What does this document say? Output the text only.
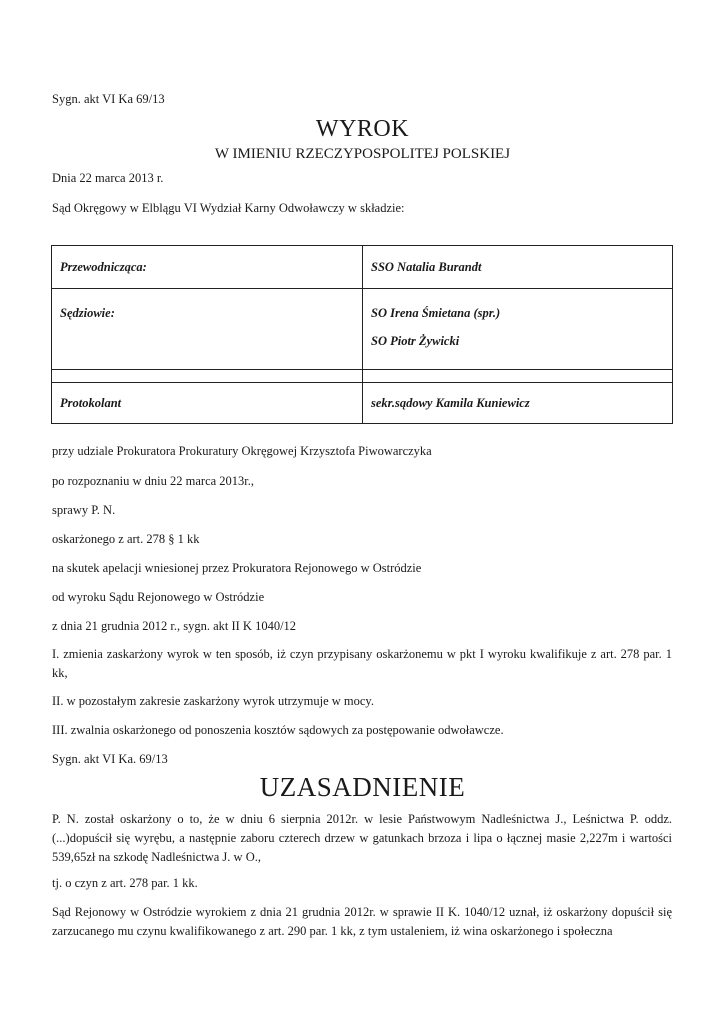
Sygn. akt VI Ka 69/13
WYROK
W IMIENIU RZECZYPOSPOLITEJ POLSKIEJ
Dnia 22 marca 2013 r.
Sąd Okręgowy w Elblągu VI Wydział Karny Odwoławczy w składzie:
Przewodnicząca:	SSO Natalia Burandt
Sędziowie:	SO Irena Śmietana (spr.)
SO Piotr Żywicki

Protokolant	sekr.sądowy Kamila Kuniewicz
przy udziale Prokuratora Prokuratury Okręgowej Krzysztofa Piwowarczyka
po rozpoznaniu w dniu 22 marca 2013r.,
sprawy P. N.
oskarżonego z art. 278 § 1 kk
na skutek apelacji wniesionej przez Prokuratora Rejonowego w Ostródzie
od wyroku Sądu Rejonowego w Ostródzie
z dnia 21 grudnia 2012 r., sygn. akt II K 1040/12
I. zmienia zaskarżony wyrok w ten sposób, iż czyn przypisany oskarżonemu w pkt I wyroku kwalifikuje z art. 278 par. 1 kk,
II. w pozostałym zakresie zaskarżony wyrok utrzymuje w mocy.
III. zwalnia oskarżonego od ponoszenia kosztów sądowych za postępowanie odwoławcze.
Sygn. akt VI Ka. 69/13
UZASADNIENIE
P. N. został oskarżony o to, że w dniu 6 sierpnia 2012r. w lesie Państwowym Nadleśnictwa J., Leśnictwa P. oddz.(...)dopuścił się wyrębu, a następnie zaboru czterech drzew w gatunkach brzoza i lipa o łącznej masie 2,227m i wartości 539,65zł na szkodę Nadleśnictwa J. w O.,
tj. o czyn z art. 278 par. 1 kk.
Sąd Rejonowy w Ostródzie wyrokiem z dnia 21 grudnia 2012r. w sprawie II K. 1040/12 uznał, iż oskarżony dopuścił się zarzucanego mu czynu kwalifikowanego z art. 290 par. 1 kk, z tym ustaleniem, iż wina oskarżonego i społeczna
